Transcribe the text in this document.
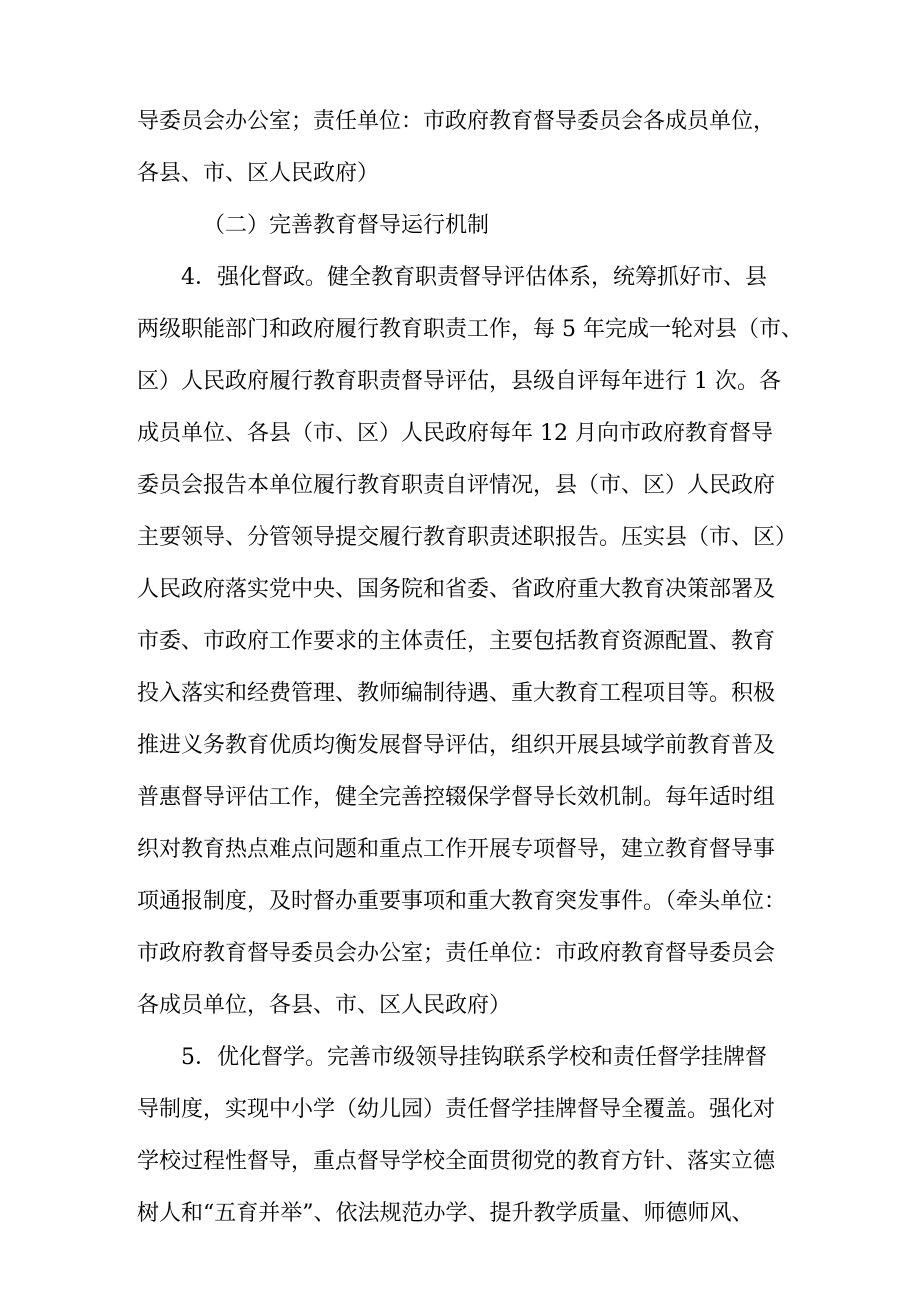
导委员会办公室；责任单位：市政府教育督导委员会各成员单位，
各县、市、区人民政府）
（二）完善教育督导运行机制
4．强化督政。健全教育职责督导评估体系，统筹抓好市、县
两级职能部门和政府履行教育职责工作，每 5 年完成一轮对县（市、
区）人民政府履行教育职责督导评估，县级自评每年进行 1 次。各
成员单位、各县（市、区）人民政府每年 12 月向市政府教育督导
委员会报告本单位履行教育职责自评情况，县（市、区）人民政府
主要领导、分管领导提交履行教育职责述职报告。压实县（市、区）
人民政府落实党中央、国务院和省委、省政府重大教育决策部署及
市委、市政府工作要求的主体责任，主要包括教育资源配置、教育
投入落实和经费管理、教师编制待遇、重大教育工程项目等。积极
推进义务教育优质均衡发展督导评估，组织开展县域学前教育普及
普惠督导评估工作，健全完善控辍保学督导长效机制。每年适时组
织对教育热点难点问题和重点工作开展专项督导，建立教育督导事
项通报制度，及时督办重要事项和重大教育突发事件。（牵头单位：
市政府教育督导委员会办公室；责任单位：市政府教育督导委员会
各成员单位，各县、市、区人民政府）
5．优化督学。完善市级领导挂钩联系学校和责任督学挂牌督
导制度，实现中小学（幼儿园）责任督学挂牌督导全覆盖。强化对
学校过程性督导，重点督导学校全面贯彻党的教育方针、落实立德
树人和“五育并举”、依法规范办学、提升教学质量、师德师风、
